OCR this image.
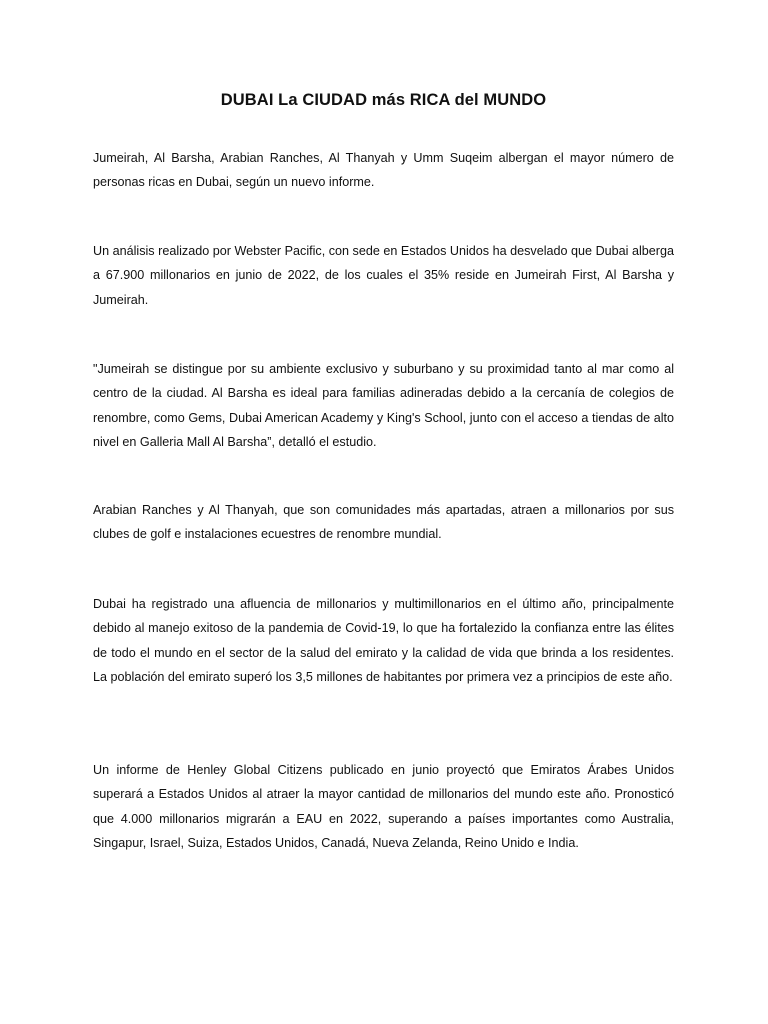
DUBAI La CIUDAD más RICA del MUNDO

Jumeirah, Al Barsha, Arabian Ranches, Al Thanyah y Umm Suqeim albergan el mayor número de personas ricas en Dubai, según un nuevo informe.

Un análisis realizado por Webster Pacific, con sede en Estados Unidos ha desvelado que Dubai alberga a 67.900 millonarios en junio de 2022, de los cuales el 35% reside en Jumeirah First, Al Barsha y Jumeirah.

"Jumeirah se distingue por su ambiente exclusivo y suburbano y su proximidad tanto al mar como al centro de la ciudad. Al Barsha es ideal para familias adineradas debido a la cercanía de colegios de renombre, como Gems, Dubai American Academy y King's School, junto con el acceso a tiendas de alto nivel en Galleria Mall Al Barsha”, detalló el estudio.

Arabian Ranches y Al Thanyah, que son comunidades más apartadas, atraen a millonarios por sus clubes de golf e instalaciones ecuestres de renombre mundial.

Dubai ha registrado una afluencia de millonarios y multimillonarios en el último año, principalmente debido al manejo exitoso de la pandemia de Covid-19, lo que ha fortalezido la confianza entre las élites de todo el mundo en el sector de la salud del emirato y la calidad de vida que brinda a los residentes. La población del emirato superó los 3,5 millones de habitantes por primera vez a principios de este año.

Un informe de Henley Global Citizens publicado en junio proyectó que Emiratos Árabes Unidos superará a Estados Unidos al atraer la mayor cantidad de millonarios del mundo este año. Pronosticó que 4.000 millonarios migrarán a EAU en 2022, superando a países importantes como Australia, Singapur, Israel, Suiza, Estados Unidos, Canadá, Nueva Zelanda, Reino Unido e India.
